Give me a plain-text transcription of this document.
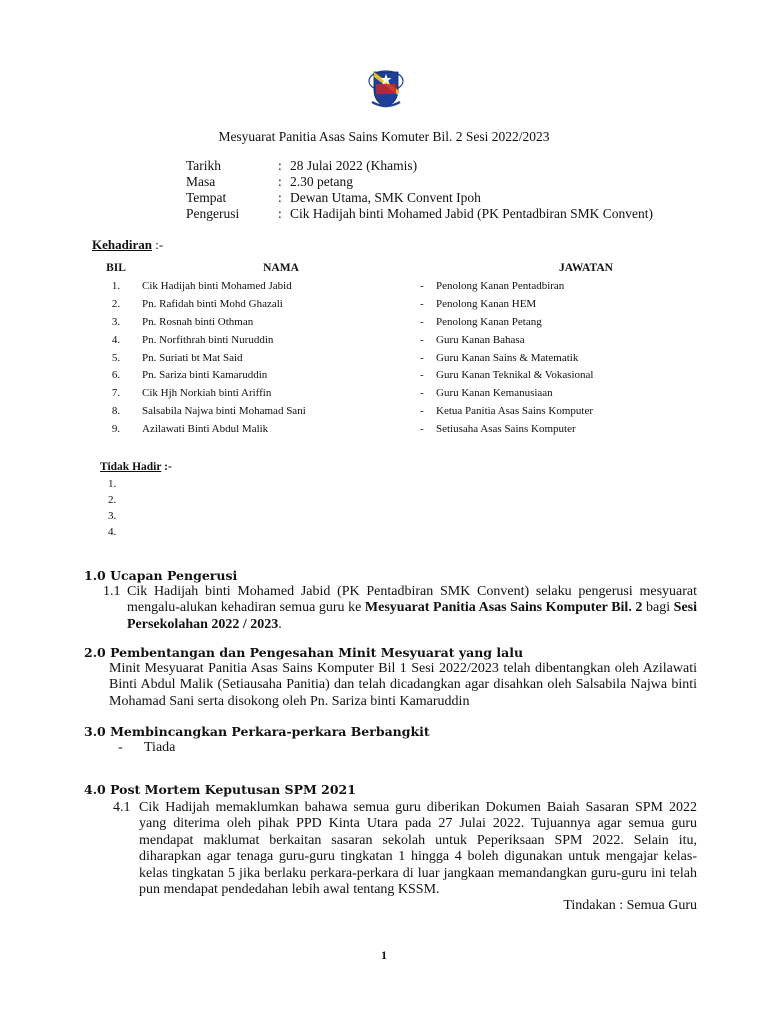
Mesyuarat Panitia Asas Sains Komuter Bil. 2 Sesi 2022/2023
Tarikh	: 28 Julai 2022 (Khamis)
Masa	: 2.30 petang
Tempat	: Dewan Utama, SMK Convent Ipoh
Pengerusi	: Cik Hadijah binti Mohamed Jabid (PK Pentadbiran SMK Convent)
Kehadiran :-
BIL	NAMA		JAWATAN
1.	Cik Hadijah binti Mohamed Jabid	-	Penolong Kanan Pentadbiran
2.	Pn. Rafidah binti Mohd Ghazali	-	Penolong Kanan HEM
3.	Pn. Rosnah binti Othman	-	Penolong Kanan Petang
4.	Pn. Norfithrah binti Nuruddin	-	Guru Kanan Bahasa
5.	Pn. Suriati bt Mat Said	-	Guru Kanan Sains & Matematik
6.	Pn. Sariza binti Kamaruddin	-	Guru Kanan Teknikal & Vokasional
7.	Cik Hjh Norkiah binti Ariffin	-	Guru Kanan Kemanusiaan
8.	Salsabila Najwa binti Mohamad Sani	-	Ketua Panitia Asas Sains Komputer
9.	Azilawati Binti Abdul Malik	-	Setiusaha Asas Sains Komputer
Tidak Hadir :-
1.
2.
3.
4.
1.0 Ucapan Pengerusi
1.1 Cik Hadijah binti Mohamed Jabid (PK Pentadbiran SMK Convent) selaku pengerusi mesyuarat mengalu-alukan kehadiran semua guru ke Mesyuarat Panitia Asas Sains Komputer Bil. 2 bagi Sesi Persekolahan 2022 / 2023.
2.0 Pembentangan dan Pengesahan Minit Mesyuarat yang lalu
Minit Mesyuarat Panitia Asas Sains Komputer Bil 1 Sesi 2022/2023 telah dibentangkan oleh Azilawati Binti Abdul Malik (Setiausaha Panitia) dan telah dicadangkan agar disahkan oleh Salsabila Najwa binti Mohamad Sani serta disokong oleh Pn. Sariza binti Kamaruddin
3.0 Membincangkan Perkara-perkara Berbangkit
- Tiada
4.0 Post Mortem Keputusan SPM 2021
4.1 Cik Hadijah memaklumkan bahawa semua guru diberikan Dokumen Baiah Sasaran SPM 2022 yang diterima oleh pihak PPD Kinta Utara pada 27 Julai 2022. Tujuannya agar semua guru mendapat maklumat berkaitan sasaran sekolah untuk Peperiksaan SPM 2022. Selain itu, diharapkan agar tenaga guru-guru tingkatan 1 hingga 4 boleh digunakan untuk mengajar kelas-kelas tingkatan 5 jika berlaku perkara-perkara di luar jangkaan memandangkan guru-guru ini telah pun mendapat pendedahan lebih awal tentang KSSM.
Tindakan : Semua Guru
1
